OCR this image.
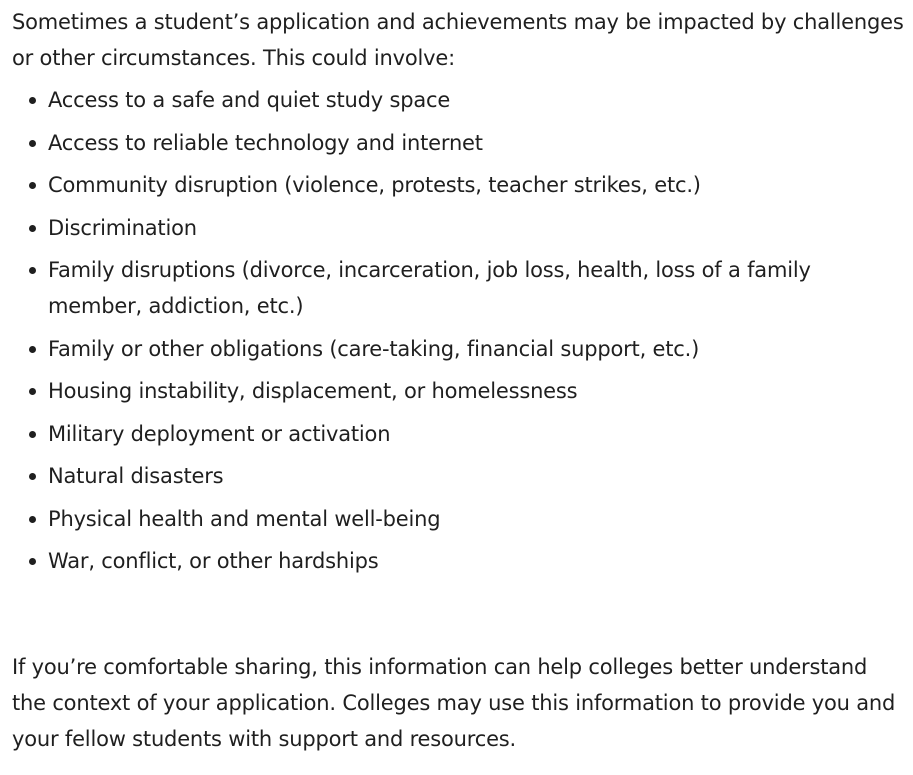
Sometimes a student’s application and achievements may be impacted by challenges or other circumstances. This could involve:

Access to a safe and quiet study space
Access to reliable technology and internet
Community disruption (violence, protests, teacher strikes, etc.)
Discrimination
Family disruptions (divorce, incarceration, job loss, health, loss of a family member, addiction, etc.)
Family or other obligations (care-taking, financial support, etc.)
Housing instability, displacement, or homelessness
Military deployment or activation
Natural disasters
Physical health and mental well-being
War, conflict, or other hardships

If you’re comfortable sharing, this information can help colleges better understand the context of your application. Colleges may use this information to provide you and your fellow students with support and resources.
